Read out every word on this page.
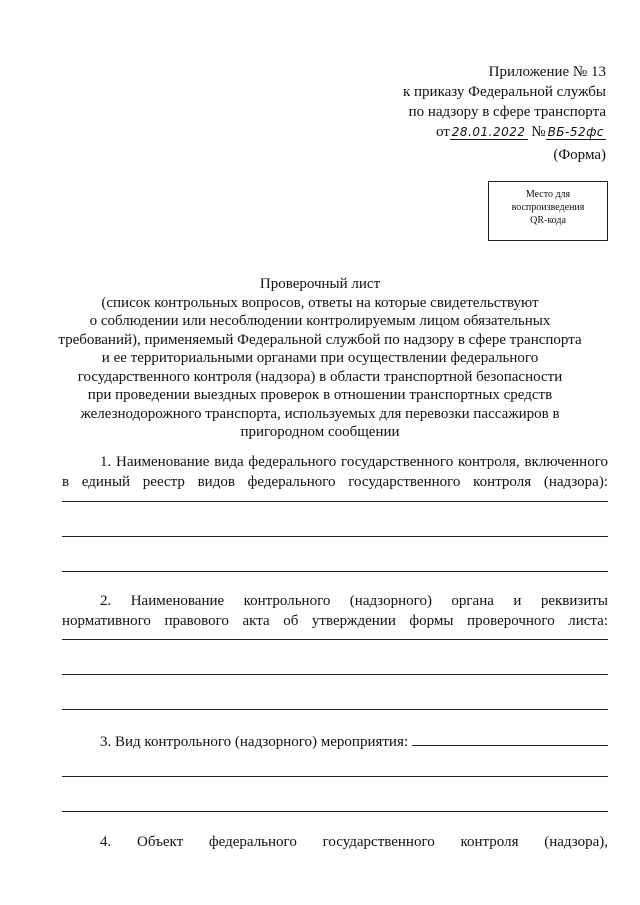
Приложение № 13
к приказу Федеральной службы
по надзору в сфере транспорта
от 28.01.2022 № ВБ-52фс
(Форма)
Место для
воспроизведения
QR-кода
Проверочный лист
(список контрольных вопросов, ответы на которые свидетельствуют
о соблюдении или несоблюдении контролируемым лицом обязательных
требований), применяемый Федеральной службой по надзору в сфере транспорта
и ее территориальными органами при осуществлении федерального
государственного контроля (надзора) в области транспортной безопасности
при проведении выездных проверок в отношении транспортных средств
железнодорожного транспорта, используемых для перевозки пассажиров в
пригородном сообщении
1. Наименование вида федерального государственного контроля, включенного
в единый реестр видов федерального государственного контроля (надзора):
2. Наименование контрольного (надзорного) органа и реквизиты
нормативного правового акта об утверждении формы проверочного листа:
3. Вид контрольного (надзорного) мероприятия:
4. Объект федерального государственного контроля (надзора),
